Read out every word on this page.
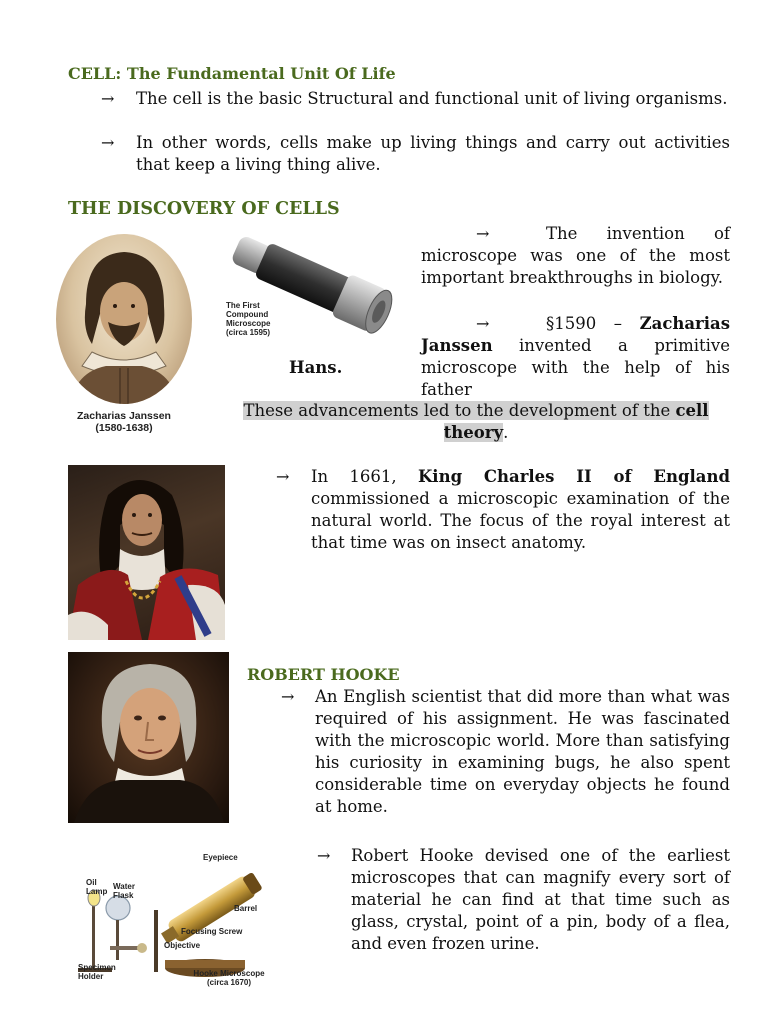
CELL: The Fundamental Unit Of Life
→ The cell is the basic Structural and functional unit of living organisms.
→ In other words, cells make up living things and carry out activities that keep a living thing alive.
THE DISCOVERY OF CELLS
Zacharias Janssen
(1580-1638)
The First
Compound
Microscope
(circa 1595)
→	The invention of microscope was one of the most important breakthroughs in biology.
→	§1590 – Zacharias Janssen invented a primitive microscope with the help of his father
Hans.
These advancements led to the development of the cell theory.
→ In 1661, King Charles II of England commissioned a microscopic examination of the natural world. The focus of the royal interest at that time was on insect anatomy.
ROBERT HOOKE
→ An English scientist that did more than what was required of his assignment. He was fascinated with the microscopic world. More than satisfying his curiosity in examining bugs, he also spent considerable time on everyday objects he found at home.
Eyepiece
Oil Lamp
Water Flask
Barrel
Focusing Screw
Objective
Specimen Holder	Hooke Microscope
(circa 1670)
→ Robert Hooke devised one of the earliest microscopes that can magnify every sort of material he can find at that time such as glass, crystal, point of a pin, body of a flea, and even frozen urine.
